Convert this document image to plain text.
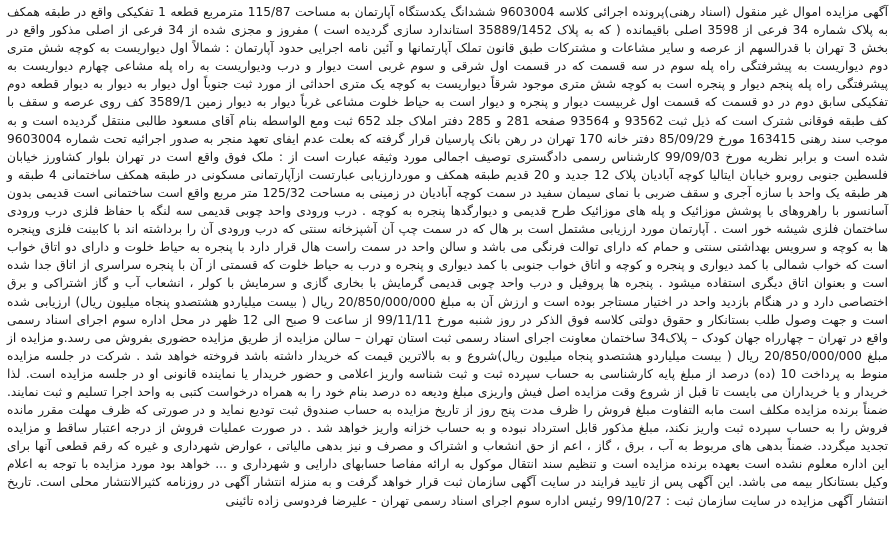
آگهی مزایده اموال غیر منقول (اسناد رهنی)پرونده اجرائی کلاسه 9603004 ششدانگ یکدستگاه آپارتمان به مساحت 115/87 مترمربع قطعه 1 تفکیکی واقع در طبقه همکف به پلاک شماره 34 فرعی از 3598 اصلی باقیمانده ( که به پلاک 35889/1452 استاندارد سازی گردیده است ) مفروز و مجزی شده از 34 فرعی از اصلی مذکور واقع در بخش 3 تهران با قدرالسهم از عرصه و سایر مشاعات و مشترکات طبق قانون تملک آپارتمانها و آئین نامه اجرایی حدود آپارتمان : شمالاً اول دیواریست به کوچه شش متری دوم دیواریست به پیشرفتگی راه پله سوم در سه قسمت که در قسمت اول شرقی و سوم غربی است دیوار و درب ودیواریست به راه پله مشاعی چهارم دیواریست به پیشرفتگی راه پله پنجم دیوار و پنجره است به کوچه شش متری موجود شرقاً دیواریست به کوچه یک متری احداثی از مورد ثبت جنوباً اول دیوار به دیوار به دیوار قطعه دوم تفکیکی سابق دوم در دو قسمت که قسمت اول غربیست دیوار و پنجره و دیوار است به حیاط خلوت مشاعی غرباً دیوار به دیوار زمین 3589/1 کف روی عرصه و سقف با کف طبقه فوقانی شترک است که ذیل ثبت 93562 و 93564 صفحه 281 و 285 دفتر املاک جلد 652 ثبت ومع الواسطه بنام آقای مسعود طالبی منتقل گردیده است و به موجب سند رهنی 163415 مورخ 85/09/29 دفتر خانه 170 تهران در رهن بانک پارسیان قرار گرفته که بعلت عدم ایفای تعهد منجر به صدور اجرائیه تحت شماره 9603004 شده است و برابر نظریه مورخ 99/09/03 کارشناس رسمی دادگستری توصیف اجمالی مورد وثیقه عبارت است از : ملک فوق واقع است در تهران بلوار کشاورز خیابان فلسطین جنوبی روبرو خیابان ایتالیا کوچه آبادیان پلاک 12 جدید و 20 قدیم طبقه همکف و موردارزیابی عبارتست ازآپارتمانی مسکونی در طبقه همکف ساختمانی 4 طبقه و هر طبقه یک واحد با سازه آجری و سقف ضربی با نمای سیمان سفید در سمت کوچه آبادیان در زمینی به مساحت 125/32 متر مربع واقع است ساختمانی است قدیمی بدون آسانسور با راهروهای با پوشش موزائیک و پله های موزائیک طرح قدیمی و دیوارگدها پنجره به کوچه . درب ورودی واحد چوبی قدیمی سه لنگه با حفاظ فلزی درب ورودی ساختمان فلزی شیشه خور است . آپارتمان مورد ارزیابی مشتمل است بر هال که در سمت چپ آن آشپزخانه سنتی که درب ورودی آن را برداشته اند با کابینت فلزی وپنجره ها به کوچه و سرویس بهداشتی سنتی و حمام که دارای توالت فرنگی می باشد و سالن واحد در سمت راست هال قرار دارد با پنجره به حیاط خلوت و دارای دو اتاق خواب است که خواب شمالی با کمد دیواری و پنجره و کوچه و اتاق خواب جنوبی با کمد دیواری و پنجره و درب به حیاط خلوت که قسمتی از آن با پنجره سراسری از اتاق جدا شده است و بعنوان اتاق دیگری استفاده میشود . پنجره ها پروفیل و درب واحد چوبی قدیمی گرمایش با بخاری گازی و سرمایش با کولر ، انشعاب آب و گاز اشتراکی و برق اختصاصی دارد و در هنگام بازدید واحد در اختیار مستاجر بوده است و ارزش آن به مبلغ 20/850/000/000 ریال ( بیست میلیاردو هشتصدو پنجاه میلیون ریال) ارزیابی شده است و جهت وصول طلب بستانکار و حقوق دولتی کلاسه فوق الذکر در روز شنبه مورخ 99/11/11 از ساعت 9 صبح الی 12 ظهر در محل اداره سوم اجرای اسناد رسمی واقع در تهران – چهارراه جهان کودک – پلاک34 ساختمان معاونت اجرای اسناد رسمی ثبت استان تهران – سالن مزایده از طریق مزایده حضوری بفروش می رسد.و مزایده از مبلغ 20/850/000/000 ریال ( بیست میلیاردو هشتصدو پنجاه میلیون ریال)شروع و به بالاترین قیمت که خریدار داشته باشد فروخته خواهد شد . شرکت در جلسه مزایده منوط به پرداخت 10 (ده) درصد از مبلغ پایه کارشناسی به حساب سپرده ثبت و ثبت شناسه واریز اعلامی و حضور خریدار یا نماینده قانونی او در جلسه مزایده است. لذا خریدار و یا خریداران می بایست تا قبل از شروع وقت مزایده اصل فیش واریزی مبلغ ودیعه ده درصد بنام خود را به همراه درخواست کتبی به واحد اجرا تسلیم و ثبت نمایند. ضمناً برنده مزایده مکلف است مابه التفاوت مبلغ فروش را ظرف مدت پنج روز از تاریخ مزایده به حساب صندوق ثبت تودیع نماید و در صورتی که ظرف مهلت مقرر مانده فروش را به حساب سپرده ثبت واریز نکند، مبلغ مذکور قابل استرداد نبوده و به حساب خزانه واریز خواهد شد . در صورت عملیات فروش از درجه اعتبار ساقط و مزایده تجدید میگردد. ضمناً بدهی های مربوط به آب ، برق ، گاز ، اعم از حق انشعاب و اشتراک و مصرف و نیز بدهی مالیاتی ، عوارض شهرداری و غیره که رقم قطعی آنها برای این اداره معلوم نشده است بعهده برنده مزایده است و تنظیم سند انتقال موکول به ارائه مفاصا حسابهای دارایی و شهرداری و ... خواهد بود مورد مزایده با توجه به اعلام وکیل بستانکار بیمه می باشد. این آگهی پس از تایید فرایند در سایت آگهی سازمان ثبت قرار خواهد گرفت و به منزله انتشار آگهی در روزنامه کثیرالانتشار محلی است. تاریخ انتشار آگهی مزایده در سایت سازمان ثبت : 99/10/27 رئیس اداره سوم اجرای اسناد رسمی تهران - علیرضا فردوسی زاده تائینی
